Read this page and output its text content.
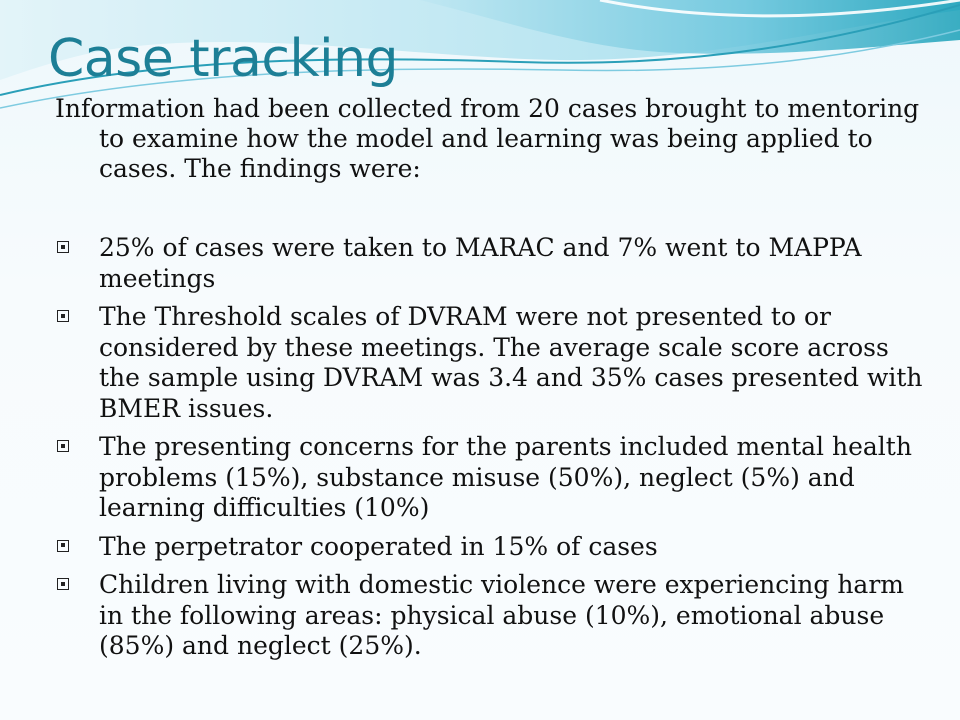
Case tracking

Information had been collected from 20 cases brought to mentoring to examine how the model and learning was being applied to cases. The findings were:

25% of cases were taken to MARAC and 7% went to MAPPA meetings
The Threshold scales of DVRAM were not presented to or considered by these meetings. The average scale score across the sample using DVRAM was 3.4 and 35% cases presented with BMER issues.
The presenting concerns for the parents included mental health problems (15%), substance misuse (50%), neglect (5%) and learning difficulties (10%)
The perpetrator cooperated in 15% of cases
Children living with domestic violence were experiencing harm in the following areas: physical abuse (10%), emotional abuse (85%) and neglect (25%).
